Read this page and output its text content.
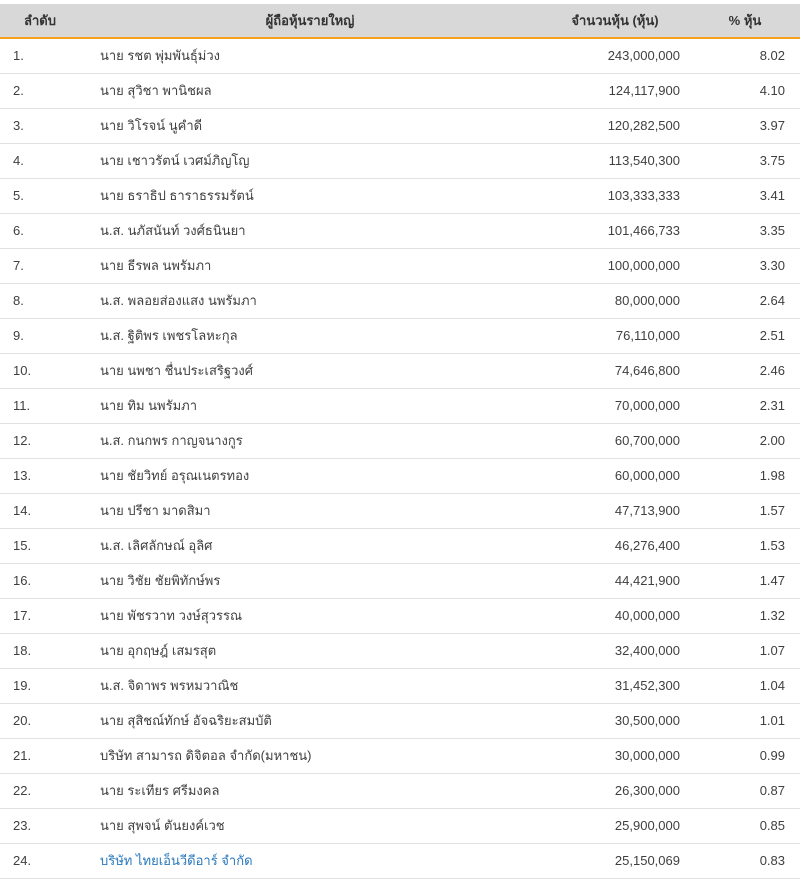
ลำดับ	ผู้ถือหุ้นรายใหญ่	จำนวนหุ้น (หุ้น)	% หุ้น
1.	นาย รชต พุ่มพันธุ์ม่วง	243,000,000	8.02
2.	นาย สุวิชา พานิชผล	124,117,900	4.10
3.	นาย วิโรจน์ นูคำดี	120,282,500	3.97
4.	นาย เชาวรัตน์ เวศม์ภิญโญ	113,540,300	3.75
5.	นาย ธราธิป ธาราธรรมรัตน์	103,333,333	3.41
6.	น.ส. นภัสนันท์ วงศ์ธนินยา	101,466,733	3.35
7.	นาย ธีรพล นพรัมภา	100,000,000	3.30
8.	น.ส. พลอยส่องแสง นพรัมภา	80,000,000	2.64
9.	น.ส. ฐิติพร เพชรโลหะกุล	76,110,000	2.51
10.	นาย นพชา ชื่นประเสริฐวงศ์	74,646,800	2.46
11.	นาย ทิม นพรัมภา	70,000,000	2.31
12.	น.ส. กนกพร กาญจนางกูร	60,700,000	2.00
13.	นาย ชัยวิทย์ อรุณเนตรทอง	60,000,000	1.98
14.	นาย ปรีชา มาดสิมา	47,713,900	1.57
15.	น.ส. เลิศลักษณ์ อุลิศ	46,276,400	1.53
16.	นาย วิชัย ชัยพิทักษ์พร	44,421,900	1.47
17.	นาย พัชรวาท วงษ์สุวรรณ	40,000,000	1.32
18.	นาย อุกฤษฎ์ เสมรสุต	32,400,000	1.07
19.	น.ส. จิดาพร พรหมวาณิช	31,452,300	1.04
20.	นาย สุสิชณ์ทักษ์ อัจฉริยะสมบัติ	30,500,000	1.01
21.	บริษัท สามารถ ดิจิตอล จำกัด(มหาชน)	30,000,000	0.99
22.	นาย ระเทียร ศรีมงคล	26,300,000	0.87
23.	นาย สุพจน์ ตันยงค์เวช	25,900,000	0.85
24.	บริษัท ไทยเอ็นวีดีอาร์ จำกัด	25,150,069	0.83
